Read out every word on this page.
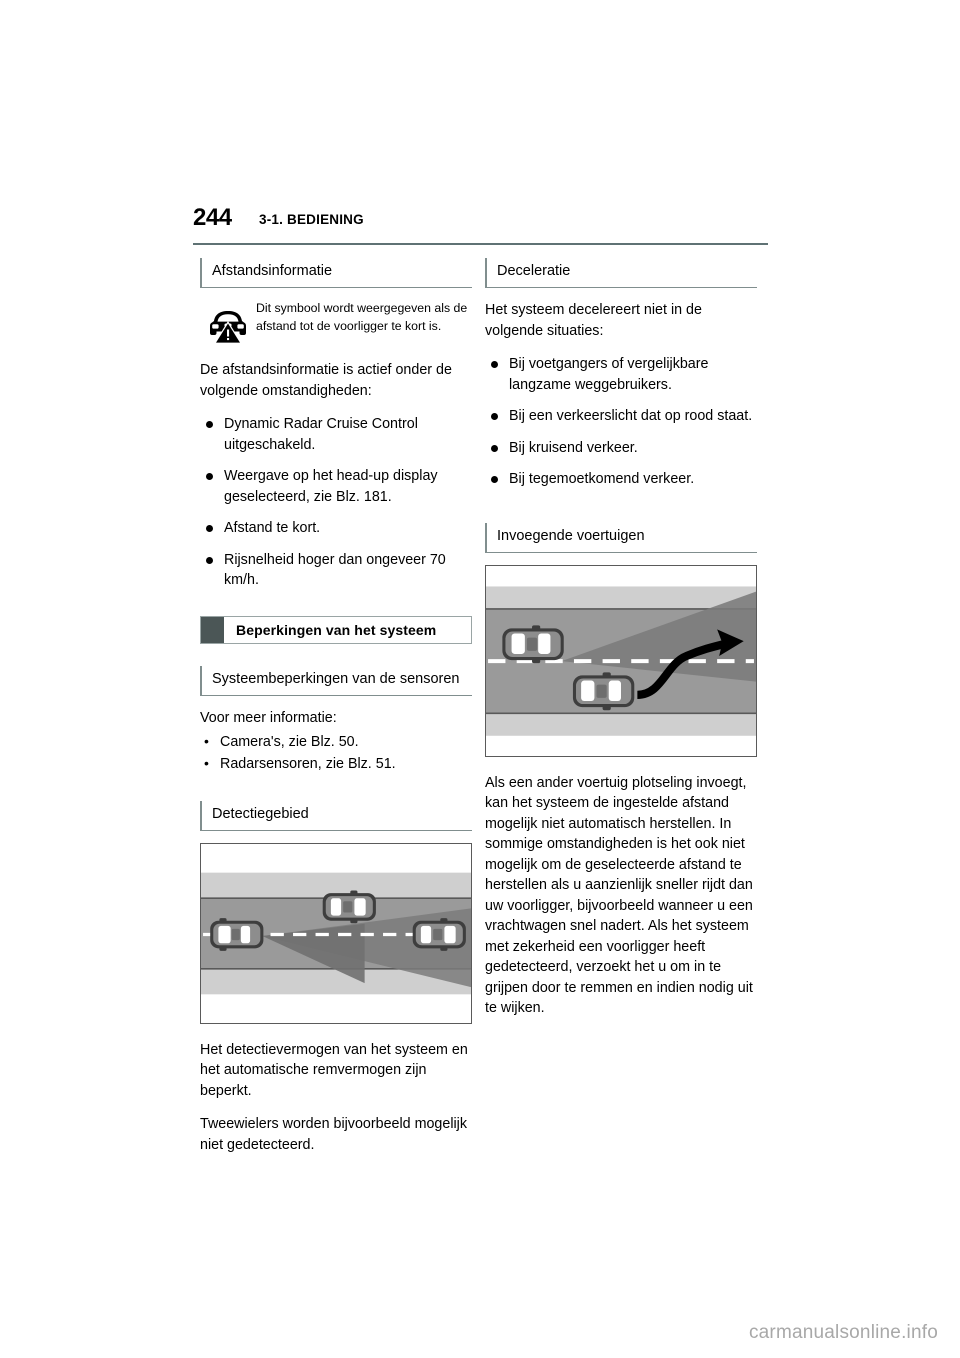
244 3-1. BEDIENING
Afstandsinformatie
Dit symbool wordt weergegeven als de afstand tot de voorligger te kort is.

De afstandsinformatie is actief onder de volgende omstandigheden:

Dynamic Radar Cruise Control uitgeschakeld.
Weergave op het head-up display geselecteerd, zie Blz. 181.
Afstand te kort.
Rijsnelheid hoger dan ongeveer 70 km/h.
Beperkingen van het systeem
Systeembeperkingen van de sensoren

Voor meer informatie:

• Camera's, zie Blz. 50.
• Radarsensoren, zie Blz. 51.
Detectiegebied

Het detectievermogen van het systeem en het automatische remvermogen zijn beperkt.

Tweewielers worden bijvoorbeeld mogelijk niet gedetecteerd.

Deceleratie

Het systeem decelereert niet in de volgende situaties:

Bij voetgangers of vergelijkbare langzame weggebruikers.
Bij een verkeerslicht dat op rood staat.
Bij kruisend verkeer.
Bij tegemoetkomend verkeer.
Invoegende voertuigen

Als een ander voertuig plotseling invoegt, kan het systeem de ingestelde afstand mogelijk niet automatisch herstellen. In sommige omstandigheden is het ook niet mogelijk om de geselecteerde afstand te herstellen als u aanzienlijk sneller rijdt dan uw voorligger, bijvoorbeeld wanneer u een vrachtwagen snel nadert. Als het systeem met zekerheid een voorligger heeft gedetecteerd, verzoekt het u om in te grijpen door te remmen en indien nodig uit te wijken.

carmanualsonline.info
